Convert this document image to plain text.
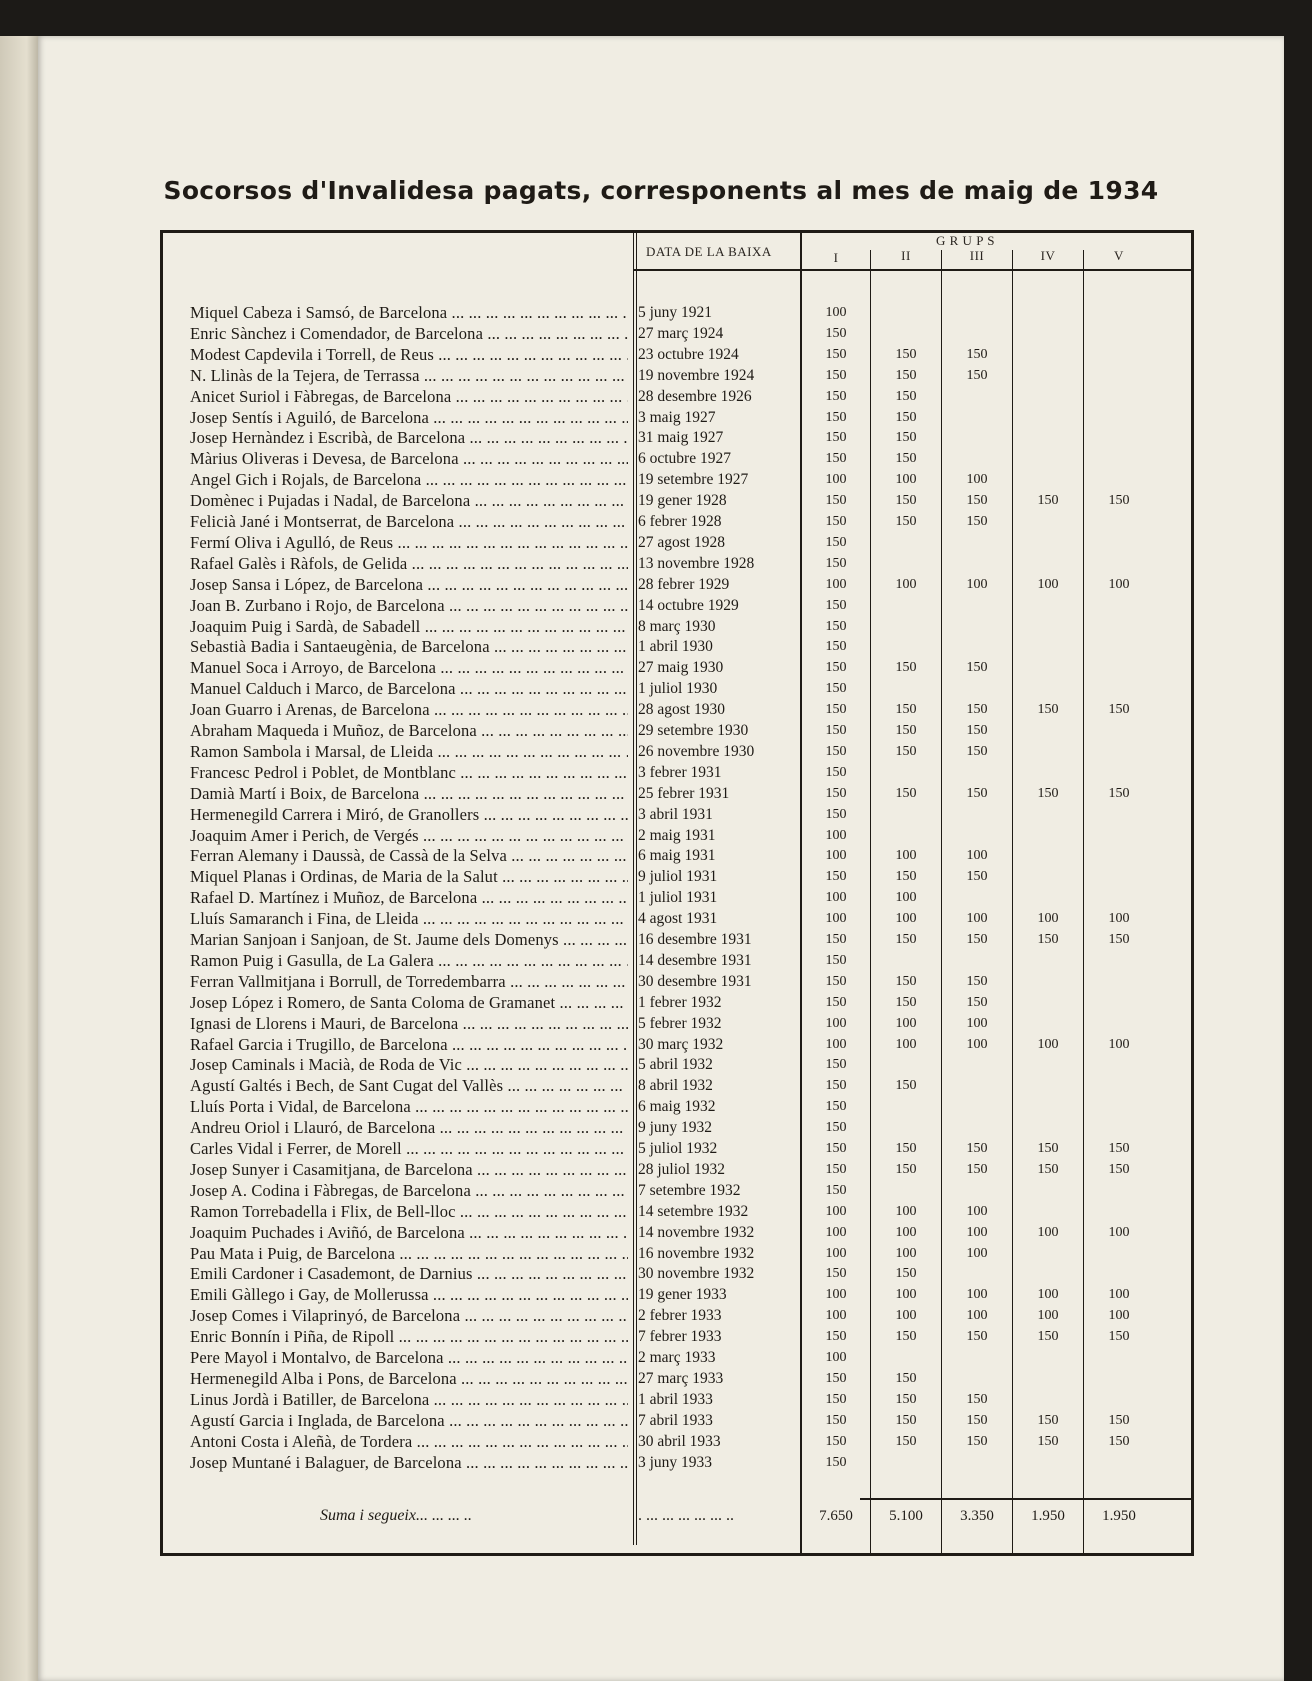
Socorsos d'Invalidesa pagats, corresponents al mes de maig de 1934
DATA DE LA BAIXA
G R U P S
I	II	III	IV	V
Miquel Cabeza i Samsó, de Barcelona ... .	5 juny 1921	100
Enric Sànchez i Comendador, de Barcelona ... .	27 març 1924	150
Modest Capdevila i Torrell, de Reus ... .	23 octubre 1924	150	150	150
N. Llinàs de la Tejera, de Terrassa ... .	19 novembre 1924	150	150	150
Anicet Suriol i Fàbregas, de Barcelona ... .	28 desembre 1926	150	150
Josep Sentís i Aguiló, de Barcelona ... .	3 maig 1927	150	150
Josep Hernàndez i Escribà, de Barcelona ... .	31 maig 1927	150	150
Màrius Oliveras i Devesa, de Barcelona ... .	6 octubre 1927	150	150
Angel Gich i Rojals, de Barcelona ... .	19 setembre 1927	100	100	100
Domènec i Pujadas i Nadal, de Barcelona ... .	19 gener 1928	150	150	150	150	150
Felicià Jané i Montserrat, de Barcelona ... .	6 febrer 1928	150	150	150
Fermí Oliva i Agulló, de Reus ... .	27 agost 1928	150
Rafael Galès i Ràfols, de Gelida ... .	13 novembre 1928	150
Josep Sansa i López, de Barcelona ... .	28 febrer 1929	100	100	100	100	100
Joan B. Zurbano i Rojo, de Barcelona ... .	14 octubre 1929	150
Joaquim Puig i Sardà, de Sabadell ... .	8 març 1930	150
Sebastià Badia i Santaeugènia, de Barcelona ... .	1 abril 1930	150
Manuel Soca i Arroyo, de Barcelona ... .	27 maig 1930	150	150	150
Manuel Calduch i Marco, de Barcelona ... .	1 juliol 1930	150
Joan Guarro i Arenas, de Barcelona ... .	28 agost 1930	150	150	150	150	150
Abraham Maqueda i Muñoz, de Barcelona ... .	29 setembre 1930	150	150	150
Ramon Sambola i Marsal, de Lleida ... .	26 novembre 1930	150	150	150
Francesc Pedrol i Poblet, de Montblanc ... .	3 febrer 1931	150
Damià Martí i Boix, de Barcelona ... .	25 febrer 1931	150	150	150	150	150
Hermenegild Carrera i Miró, de Granollers ... .	3 abril 1931	150
Joaquim Amer i Perich, de Vergés ... .	2 maig 1931	100
Ferran Alemany i Daussà, de Cassà de la Selva ... .	6 maig 1931	100	100	100
Miquel Planas i Ordinas, de Maria de la Salut ... .	9 juliol 1931	150	150	150
Rafael D. Martínez i Muñoz, de Barcelona ... .	1 juliol 1931	100	100
Lluís Samaranch i Fina, de Lleida ... .	4 agost 1931	100	100	100	100	100
Marian Sanjoan i Sanjoan, de St. Jaume dels Domenys ... .	16 desembre 1931	150	150	150	150	150
Ramon Puig i Gasulla, de La Galera ... .	14 desembre 1931	150
Ferran Vallmitjana i Borrull, de Torredembarra ... .	30 desembre 1931	150	150	150
Josep López i Romero, de Santa Coloma de Gramanet ... .	1 febrer 1932	150	150	150
Ignasi de Llorens i Mauri, de Barcelona ... .	5 febrer 1932	100	100	100
Rafael Garcia i Trugillo, de Barcelona ... .	30 març 1932	100	100	100	100	100
Josep Caminals i Macià, de Roda de Vic ... .	5 abril 1932	150
Agustí Galtés i Bech, de Sant Cugat del Vallès ... .	8 abril 1932	150	150
Lluís Porta i Vidal, de Barcelona ... .	6 maig 1932	150
Andreu Oriol i Llauró, de Barcelona ... .	9 juny 1932	150
Carles Vidal i Ferrer, de Morell ... .	5 juliol 1932	150	150	150	150	150
Josep Sunyer i Casamitjana, de Barcelona ... .	28 juliol 1932	150	150	150	150	150
Josep A. Codina i Fàbregas, de Barcelona ... .	7 setembre 1932	150
Ramon Torrebadella i Flix, de Bell-lloc ... .	14 setembre 1932	100	100	100
Joaquim Puchades i Aviñó, de Barcelona ... .	14 novembre 1932	100	100	100	100	100
Pau Mata i Puig, de Barcelona ... .	16 novembre 1932	100	100	100
Emili Cardoner i Casademont, de Darnius ... .	30 novembre 1932	150	150
Emili Gàllego i Gay, de Mollerussa ... .	19 gener 1933	100	100	100	100	100
Josep Comes i Vilaprinyó, de Barcelona ... .	2 febrer 1933	100	100	100	100	100
Enric Bonnín i Piña, de Ripoll ... .	7 febrer 1933	150	150	150	150	150
Pere Mayol i Montalvo, de Barcelona ... .	2 març 1933	100
Hermenegild Alba i Pons, de Barcelona ... .	27 març 1933	150	150
Linus Jordà i Batiller, de Barcelona ... .	1 abril 1933	150	150	150
Agustí Garcia i Inglada, de Barcelona ... .	7 abril 1933	150	150	150	150	150
Antoni Costa i Aleñà, de Tordera ... .	30 abril 1933	150	150	150	150	150
Josep Muntané i Balaguer, de Barcelona ... .	3 juny 1933	150
Suma i segueix... ... ... ..	. ... ... ... ... ... ..	7.650	5.100	3.350	1.950	1.950
